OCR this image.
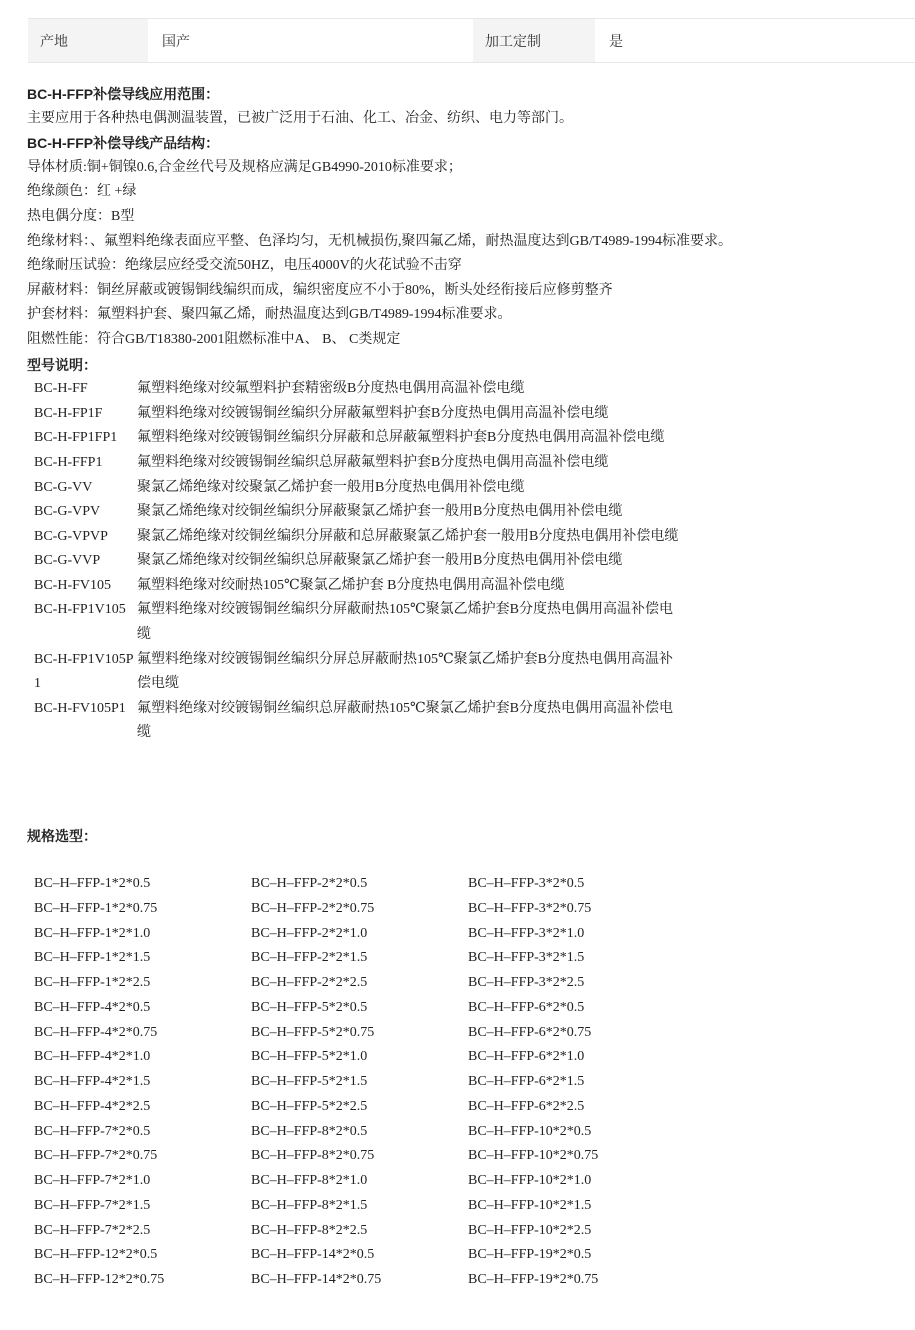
产地	国产	加工定制	是
BC-H-FFP补偿导线应用范围：
主要应用于各种热电偶测温装置，已被广泛用于石油、化工、冶金、纺织、电力等部门。
BC-H-FFP补偿导线产品结构：
导体材质:铜+铜镍0.6,合金丝代号及规格应满足GB4990-2010标准要求；
绝缘颜色：红 +绿
热电偶分度：B型
绝缘材料：、氟塑料绝缘表面应平整、色泽均匀，无机械损伤,聚四氟乙烯，耐热温度达到GB/T4989-1994标准要求。
绝缘耐压试验：绝缘层应经受交流50HZ，电压4000V的火花试验不击穿
屏蔽材料：铜丝屏蔽或镀锡铜线编织而成，编织密度应不小于80%，断头处经衔接后应修剪整齐
护套材料：氟塑料护套、聚四氟乙烯，耐热温度达到GB/T4989-1994标准要求。
阻燃性能：符合GB/T18380-2001阻燃标准中A、 B、 C类规定
型号说明：
BC-H-FF	氟塑料绝缘对绞氟塑料护套精密级B分度热电偶用高温补偿电缆
BC-H-FP1F	氟塑料绝缘对绞镀锡铜丝编织分屏蔽氟塑料护套B分度热电偶用高温补偿电缆
BC-H-FP1FP1	氟塑料绝缘对绞镀锡铜丝编织分屏蔽和总屏蔽氟塑料护套B分度热电偶用高温补偿电缆
BC-H-FFP1	氟塑料绝缘对绞镀锡铜丝编织总屏蔽氟塑料护套B分度热电偶用高温补偿电缆
BC-G-VV	聚氯乙烯绝缘对绞聚氯乙烯护套一般用B分度热电偶用补偿电缆
BC-G-VPV	聚氯乙烯绝缘对绞铜丝编织分屏蔽聚氯乙烯护套一般用B分度热电偶用补偿电缆
BC-G-VPVP	聚氯乙烯绝缘对绞铜丝编织分屏蔽和总屏蔽聚氯乙烯护套一般用B分度热电偶用补偿电缆
BC-G-VVP	聚氯乙烯绝缘对绞铜丝编织总屏蔽聚氯乙烯护套一般用B分度热电偶用补偿电缆
BC-H-FV105	氟塑料绝缘对绞耐热105℃聚氯乙烯护套 B分度热电偶用高温补偿电缆
BC-H-FP1V105 氟塑料绝缘对绞镀锡铜丝编织分屏蔽耐热105℃聚氯乙烯护套B分度热电偶用高温补偿电缆
BC-H-FP1V105P1
氟塑料绝缘对绞镀锡铜丝编织分屏总屏蔽耐热105℃聚氯乙烯护套B分度热电偶用高温补偿电缆
BC-H-FV105P1 氟塑料绝缘对绞镀锡铜丝编织总屏蔽耐热105℃聚氯乙烯护套B分度热电偶用高温补偿电缆
规格选型：
BC–H–FFP-1*2*0.5	BC–H–FFP-2*2*0.5	BC–H–FFP-3*2*0.5
BC–H–FFP-1*2*0.75	BC–H–FFP-2*2*0.75	BC–H–FFP-3*2*0.75
BC–H–FFP-1*2*1.0	BC–H–FFP-2*2*1.0	BC–H–FFP-3*2*1.0
BC–H–FFP-1*2*1.5	BC–H–FFP-2*2*1.5	BC–H–FFP-3*2*1.5
BC–H–FFP-1*2*2.5	BC–H–FFP-2*2*2.5	BC–H–FFP-3*2*2.5
BC–H–FFP-4*2*0.5	BC–H–FFP-5*2*0.5	BC–H–FFP-6*2*0.5
BC–H–FFP-4*2*0.75	BC–H–FFP-5*2*0.75	BC–H–FFP-6*2*0.75
BC–H–FFP-4*2*1.0	BC–H–FFP-5*2*1.0	BC–H–FFP-6*2*1.0
BC–H–FFP-4*2*1.5	BC–H–FFP-5*2*1.5	BC–H–FFP-6*2*1.5
BC–H–FFP-4*2*2.5	BC–H–FFP-5*2*2.5	BC–H–FFP-6*2*2.5
BC–H–FFP-7*2*0.5	BC–H–FFP-8*2*0.5	BC–H–FFP-10*2*0.5
BC–H–FFP-7*2*0.75	BC–H–FFP-8*2*0.75	BC–H–FFP-10*2*0.75
BC–H–FFP-7*2*1.0	BC–H–FFP-8*2*1.0	BC–H–FFP-10*2*1.0
BC–H–FFP-7*2*1.5	BC–H–FFP-8*2*1.5	BC–H–FFP-10*2*1.5
BC–H–FFP-7*2*2.5	BC–H–FFP-8*2*2.5	BC–H–FFP-10*2*2.5
BC–H–FFP-12*2*0.5	BC–H–FFP-14*2*0.5	BC–H–FFP-19*2*0.5
BC–H–FFP-12*2*0.75	BC–H–FFP-14*2*0.75	BC–H–FFP-19*2*0.75
